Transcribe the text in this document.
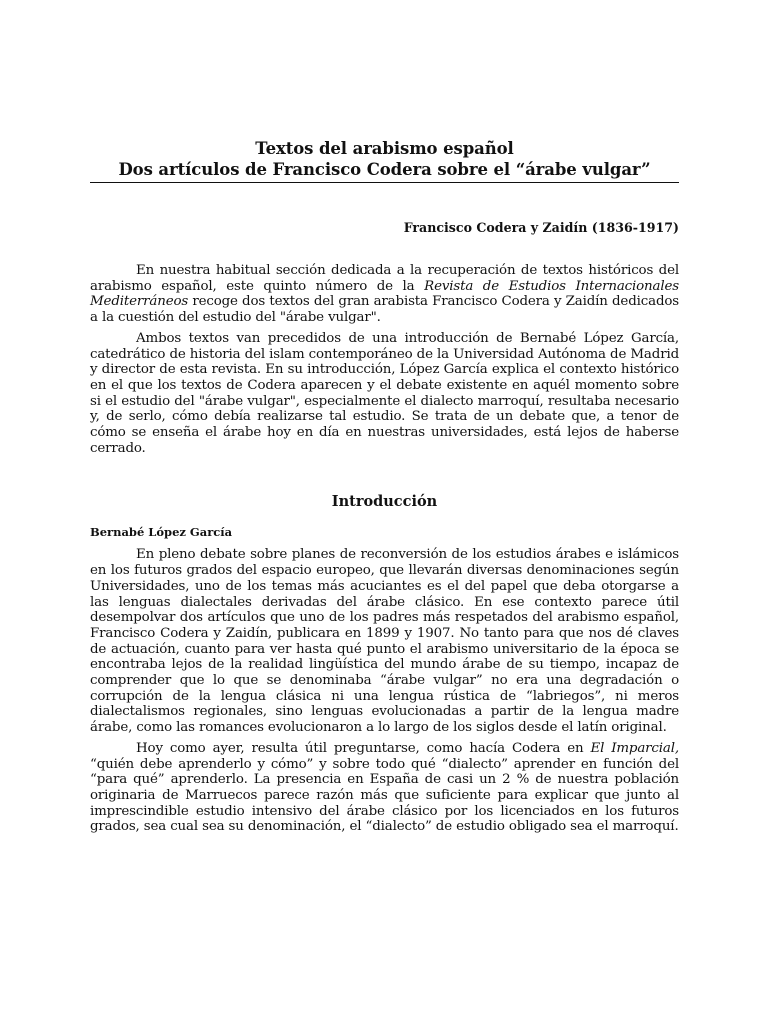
Textos del arabismo español

Dos artículos de Francisco Codera sobre el “árabe vulgar”

Francisco Codera y Zaidín (1836-1917)

En nuestra habitual sección dedicada a la recuperación de textos históricos del arabismo español, este quinto número de la Revista de Estudios Internacionales Mediterráneos recoge dos textos del gran arabista Francisco Codera y Zaidín dedicados a la cuestión del estudio del "árabe vulgar".

Ambos textos van precedidos de una introducción de Bernabé López García, catedrático de historia del islam contemporáneo de la Universidad Autónoma de Madrid y director de esta revista. En su introducción, López García explica el contexto histórico en el que los textos de Codera aparecen y el debate existente en aquél momento sobre si el estudio del "árabe vulgar", especialmente el dialecto marroquí, resultaba necesario y, de serlo, cómo debía realizarse tal estudio. Se trata de un debate que, a tenor de cómo se enseña el árabe hoy en día en nuestras universidades, está lejos de haberse cerrado.

Introducción

Bernabé López García

En pleno debate sobre planes de reconversión de los estudios árabes e islámicos en los futuros grados del espacio europeo, que llevarán diversas denominaciones según Universidades, uno de los temas más acuciantes es el del papel que deba otorgarse a las lenguas dialectales derivadas del árabe clásico. En ese contexto parece útil desempolvar dos artículos que uno de los padres más respetados del arabismo español, Francisco Codera y Zaidín, publicara en 1899 y 1907. No tanto para que nos dé claves de actuación, cuanto para ver hasta qué punto el arabismo universitario de la época se encontraba lejos de la realidad lingüística del mundo árabe de su tiempo, incapaz de comprender que lo que se denominaba “árabe vulgar” no era una degradación o corrupción de la lengua clásica ni una lengua rústica de “labriegos”, ni meros dialectalismos regionales, sino lenguas evolucionadas a partir de la lengua madre árabe, como las romances evolucionaron a lo largo de los siglos desde el latín original.

Hoy como ayer, resulta útil preguntarse, como hacía Codera en El Imparcial, “quién debe aprenderlo y cómo” y sobre todo qué “dialecto” aprender en función del “para qué” aprenderlo. La presencia en España de casi un 2 % de nuestra población originaria de Marruecos parece razón más que suficiente para explicar que junto al imprescindible estudio intensivo del árabe clásico por los licenciados en los futuros grados, sea cual sea su denominación, el “dialecto” de estudio obligado sea el marroquí.
